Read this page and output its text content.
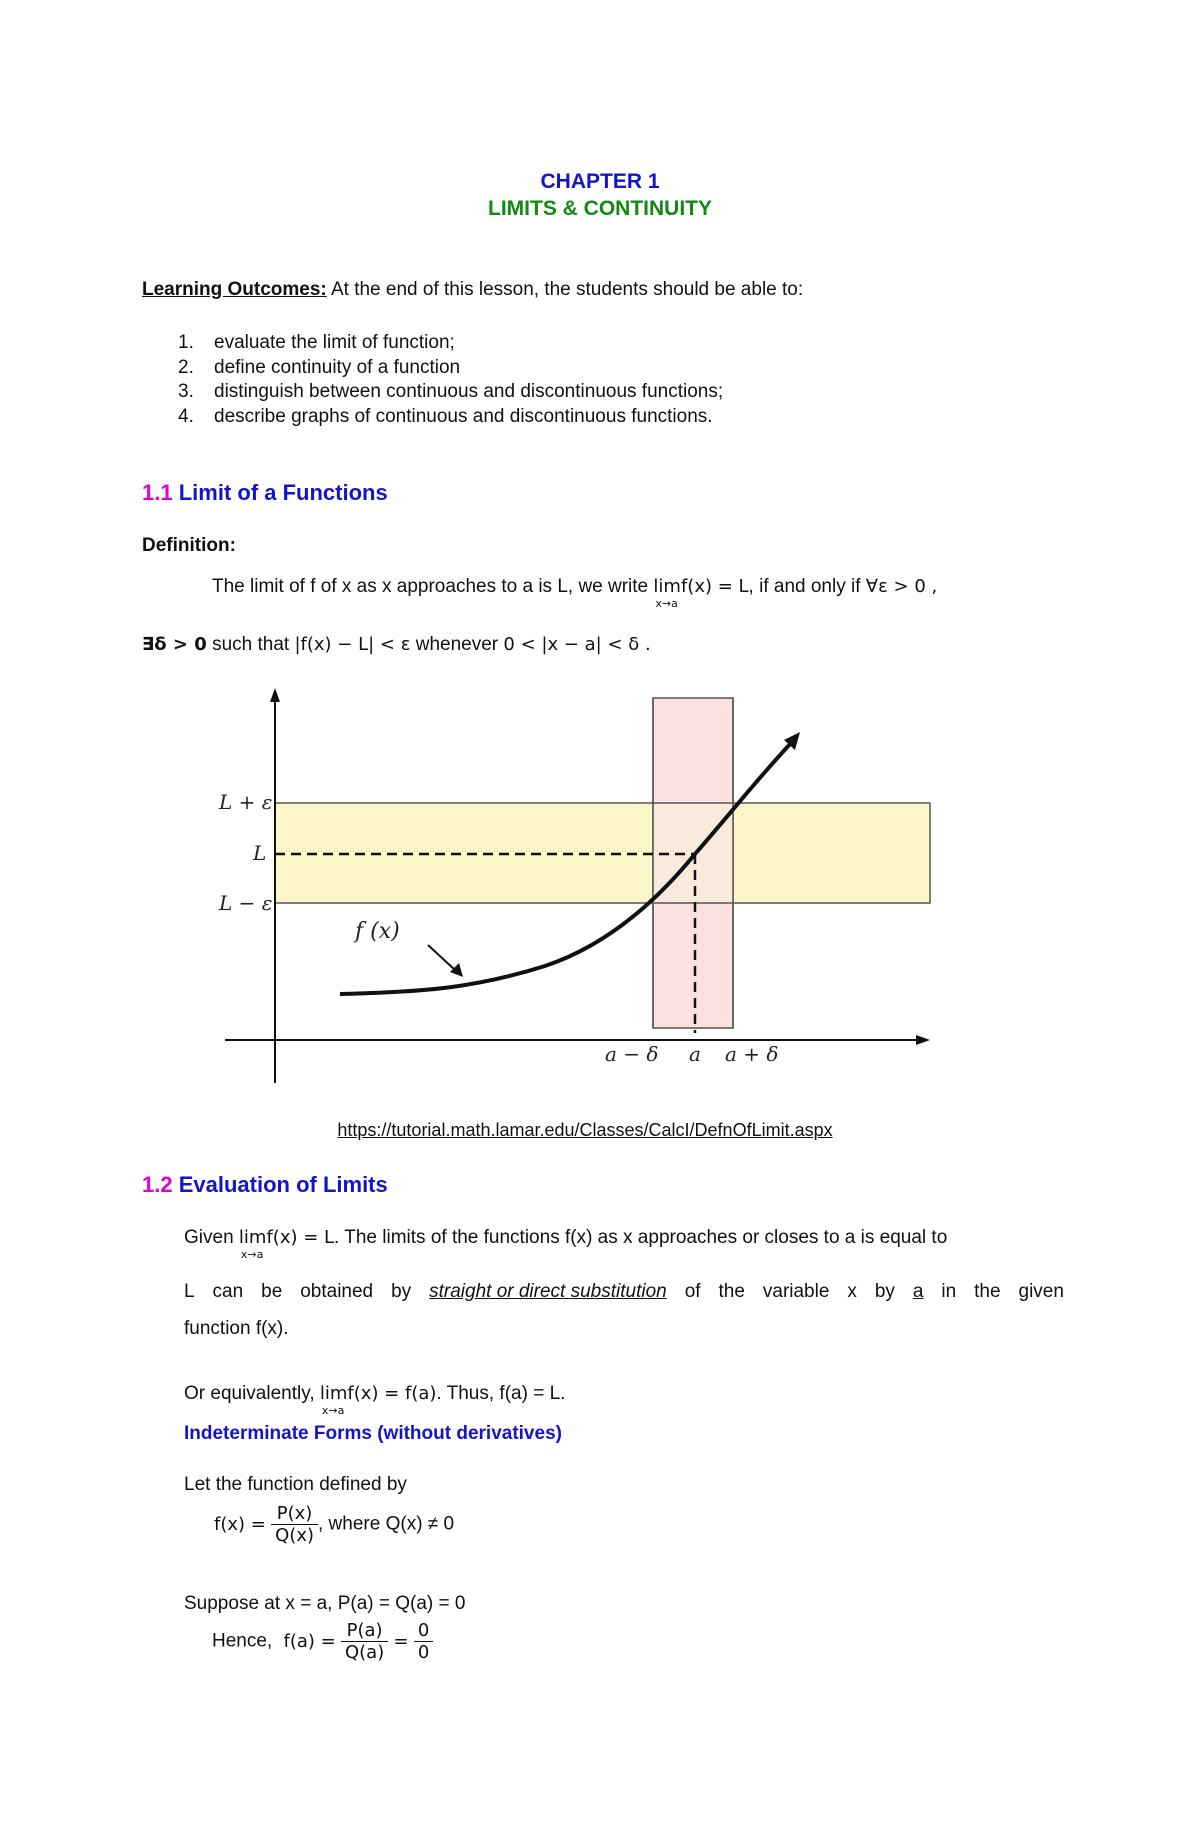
CHAPTER 1
LIMITS & CONTINUITY
Learning Outcomes: At the end of this lesson, the students should be able to:
1. evaluate the limit of function;
2. define continuity of a function
3. distinguish between continuous and discontinuous functions;
4. describe graphs of continuous and discontinuous functions.
1.1 Limit of a Functions
Definition:
The limit of f of x as x approaches to a is L, we write limf(x) = L
x→a
, if and only if ∀ε > 0 ,
∃δ > 0 such that |f(x) − L| < ε whenever 0 < |x − a| < δ .
L + ε
L
L − ε
f (x)
a − δ a a + δ
https://tutorial.math.lamar.edu/Classes/CalcI/DefnOfLimit.aspx
1.2 Evaluation of Limits
Given limf(x) = L
x→a
. The limits of the functions f(x) as x approaches or closes to a is equal to
L can be obtained by straight or direct substitution of the variable x by a in the given
function f(x).
Or equivalently, limf(x) = f(a)
x→a
. Thus, f(a) = L.
Indeterminate Forms (without derivatives)
Let the function defined by
$f(x) = \frac{P(x)}{Q(x)}$ , where Q(x) ≠ 0
Suppose at x = a, P(a) = Q(a) = 0
Hence, $f(a) = \frac{P(a)}{Q(a)} = \frac{0}{0}$
